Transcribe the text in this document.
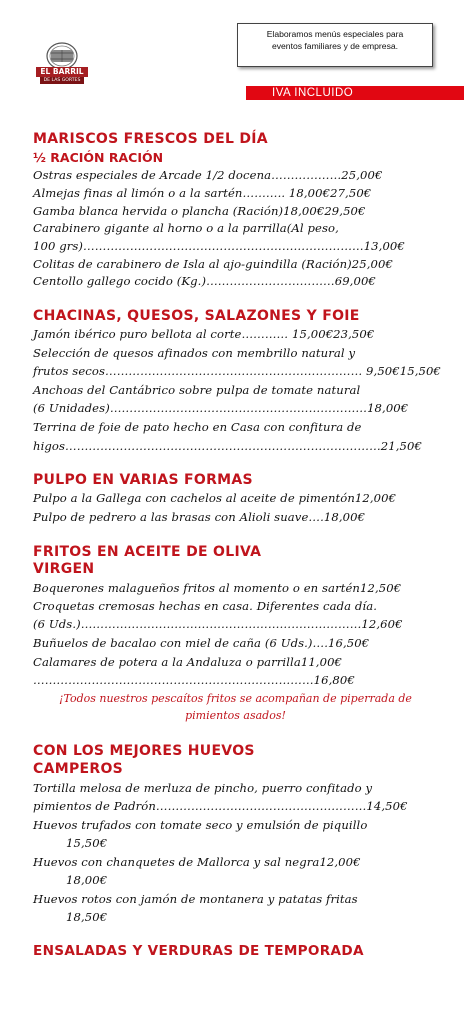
EL BARRIL
DE LAS GORTES
Elaboramos menús especiales para
eventos familiares y de empresa.
IVA INCLUIDO
MARISCOS FRESCOS DEL DÍA
½ RACIÓN RACIÓN
Ostras especiales de Arcade 1/2 docena………………25,00€
Almejas finas al limón o a la sartén……….. 18,00€27,50€
Gamba blanca hervida o plancha (Ración)18,00€29,50€
Carabinero gigante al horno o a la parrilla(Al peso,
100 grs)………………………………………………………………13,00€
Colitas de carabinero de Isla al ajo-guindilla (Ración)25,00€
Centollo gallego cocido (Kg.)……………………………69,00€
CHACINAS, QUESOS, SALAZONES Y FOIE
Jamón ibérico puro bellota al corte………… 15,00€23,50€
Selección de quesos afinados con membrillo natural y
frutos secos………………………………………………………… 9,50€15,50€
Anchoas del Cantábrico sobre pulpa de tomate natural
(6 Unidades)…………………………………………………………18,00€
Terrina de foie de pato hecho en Casa con confitura de
higos………………………………………………………………………21,50€
PULPO EN VARIAS FORMAS
Pulpo a la Gallega con cachelos al aceite de pimentón12,00€
Pulpo de pedrero a las brasas con Alioli suave….18,00€
FRITOS EN ACEITE DE OLIVA
VIRGEN
Boquerones malagueños fritos al momento o en sartén12,50€
Croquetas cremosas hechas en casa. Diferentes cada día.
(6 Uds.)………………………………………………………………12,60€
Buñuelos de bacalao con miel de caña (6 Uds.)….16,50€
Calamares de potera a la Andaluza o parrilla11,00€
………………………………………………………………16,80€
¡Todos nuestros pescaítos fritos se acompañan de piperrada de
pimientos asados!
CON LOS MEJORES HUEVOS
CAMPEROS
Tortilla melosa de merluza de pincho, puerro confitado y
pimientos de Padrón………………………………………………14,50€
Huevos trufados con tomate seco y emulsión de piquillo
15,50€
Huevos con chanquetes de Mallorca y sal negra12,00€
18,00€
Huevos rotos con jamón de montanera y patatas fritas
18,50€
ENSALADAS Y VERDURAS DE TEMPORADA
